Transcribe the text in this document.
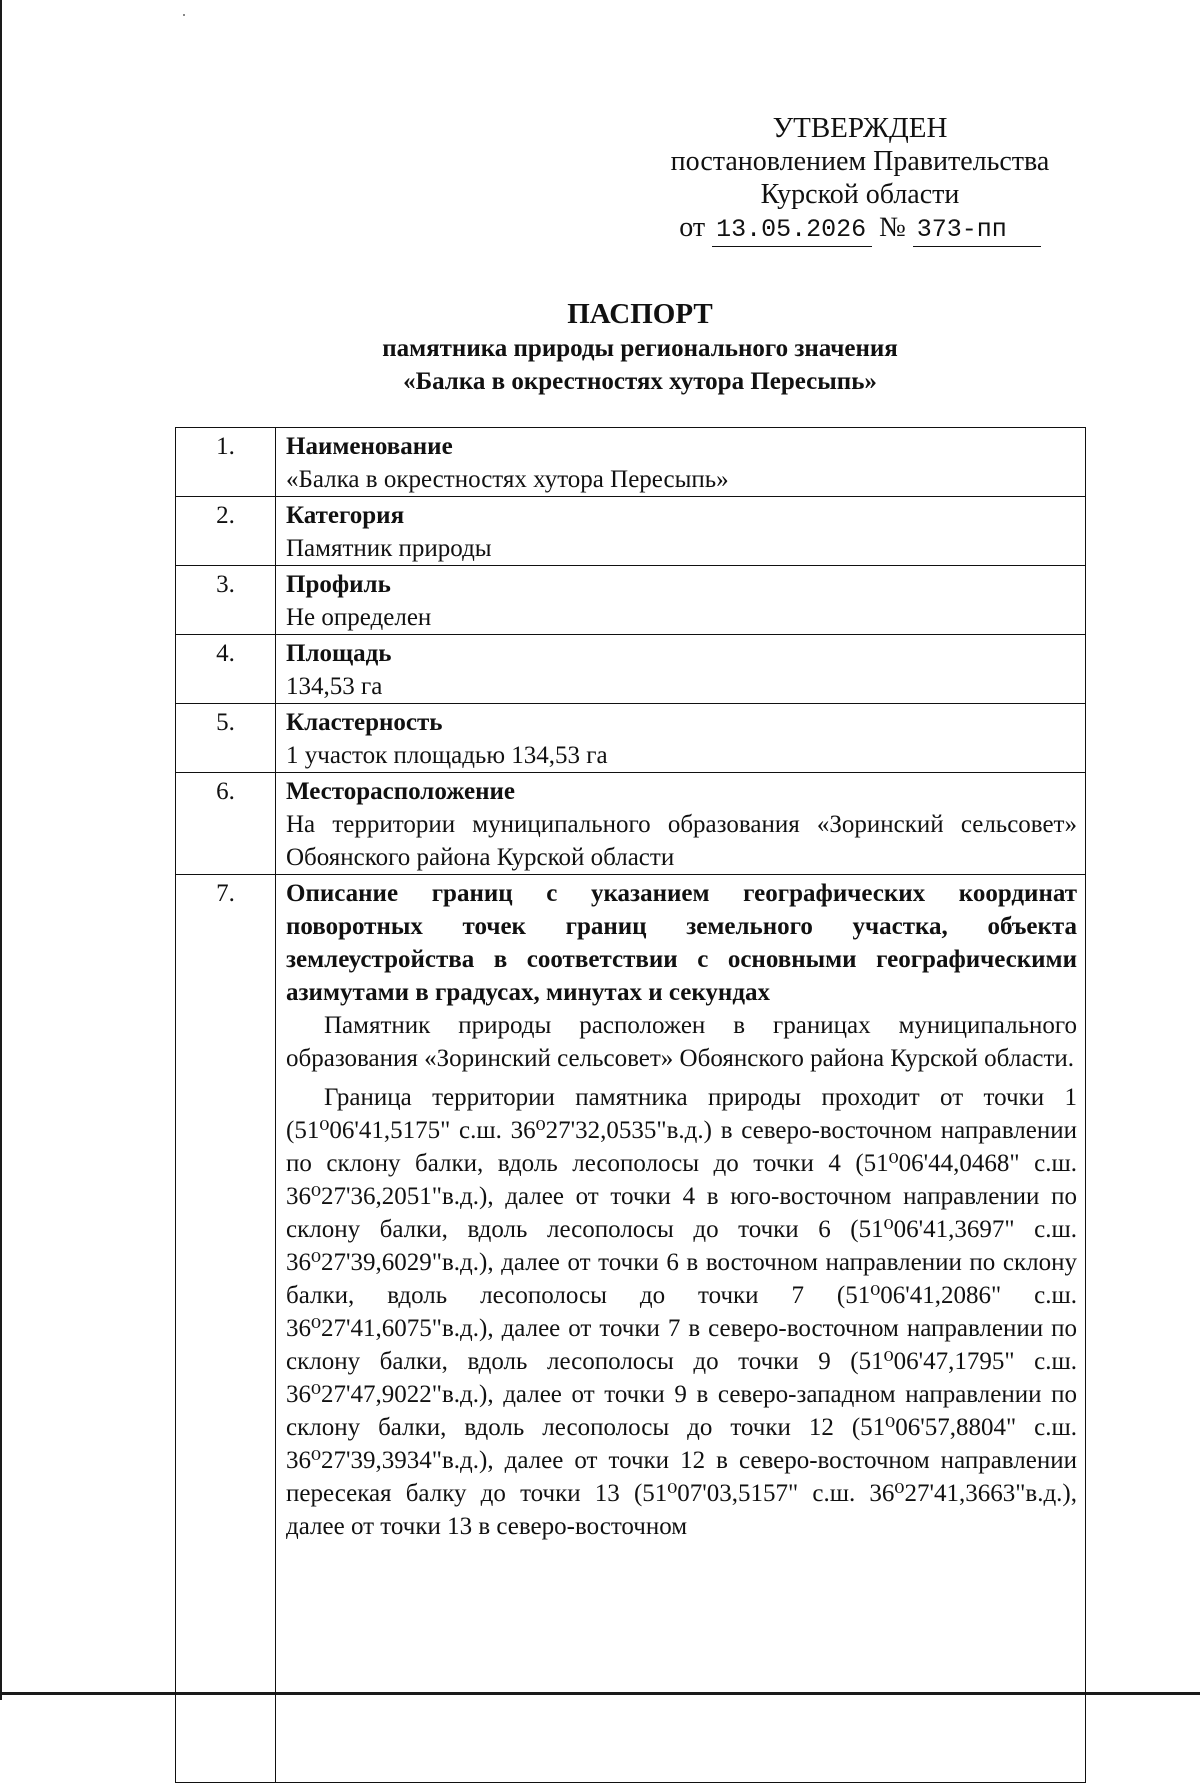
УТВЕРЖДЕН
постановлением Правительства
Курской области
от 13.05.2026 № 373-пп
ПАСПОРТ
памятника природы регионального значения
«Балка в окрестностях хутора Пересыпь»
1.	Наименование
«Балка в окрестностях хутора Пересыпь»

2.	Категория
Памятник природы

3.	Профиль
Не определен

4.	Площадь
134,53 га

5.	Кластерность
1 участок площадью 134,53 га

6.	Месторасположение
На территории муниципального образования «Зоринский сельсовет» Обоянского района Курской области

7.	Описание границ с указанием географических координат поворотных точек границ земельного участка, объекта землеустройства в соответствии с основными географическими азимутами в градусах, минутах и секундах
Памятник природы расположен в границах муниципального образования «Зоринский сельсовет» Обоянского района Курской области.
Граница территории памятника природы проходит от точки 1 (51⁰06'41,5175" с.ш. 36⁰27'32,0535"в.д.) в северо-восточном направлении по склону балки, вдоль лесополосы до точки 4 (51⁰06'44,0468" с.ш. 36⁰27'36,2051"в.д.), далее от точки 4 в юго-восточном направлении по склону балки, вдоль лесополосы до точки 6 (51⁰06'41,3697" с.ш. 36⁰27'39,6029"в.д.), далее от точки 6 в восточном направлении по склону балки, вдоль лесополосы до точки 7 (51⁰06'41,2086" с.ш. 36⁰27'41,6075"в.д.), далее от точки 7 в северо-восточном направлении по склону балки, вдоль лесополосы до точки 9 (51⁰06'47,1795" с.ш. 36⁰27'47,9022"в.д.), далее от точки 9 в северо-западном направлении по склону балки, вдоль лесополосы до точки 12 (51⁰06'57,8804" с.ш. 36⁰27'39,3934"в.д.), далее от точки 12 в северо-восточном направлении пересекая балку до точки 13 (51⁰07'03,5157" с.ш. 36⁰27'41,3663"в.д.), далее от точки 13 в северо-восточном
